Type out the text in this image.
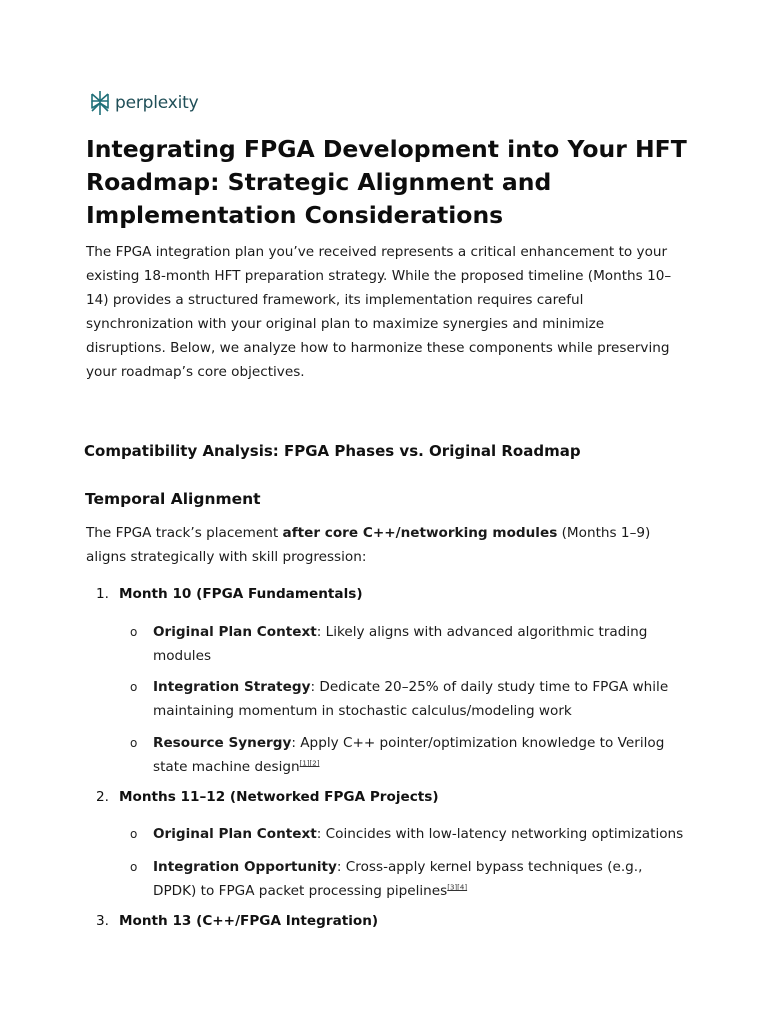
perplexity
Integrating FPGA Development into Your HFT Roadmap: Strategic Alignment and Implementation Considerations

The FPGA integration plan you’ve received represents a critical enhancement to your existing 18-month HFT preparation strategy. While the proposed timeline (Months 10–14) provides a structured framework, its implementation requires careful synchronization with your original plan to maximize synergies and minimize disruptions. Below, we analyze how to harmonize these components while preserving your roadmap’s core objectives.

Compatibility Analysis: FPGA Phases vs. Original Roadmap
Temporal Alignment

The FPGA track’s placement after core C++/networking modules (Months 1–9) aligns strategically with skill progression:

1. Month 10 (FPGA Fundamentals)
o Original Plan Context: Likely aligns with advanced algorithmic trading modules
o Integration Strategy: Dedicate 20–25% of daily study time to FPGA while maintaining momentum in stochastic calculus/modeling work
o Resource Synergy: Apply C++ pointer/optimization knowledge to Verilog state machine design[1][2]
2. Months 11–12 (Networked FPGA Projects)
o Original Plan Context: Coincides with low-latency networking optimizations
o Integration Opportunity: Cross-apply kernel bypass techniques (e.g., DPDK) to FPGA packet processing pipelines[3][4]
3. Month 13 (C++/FPGA Integration)
